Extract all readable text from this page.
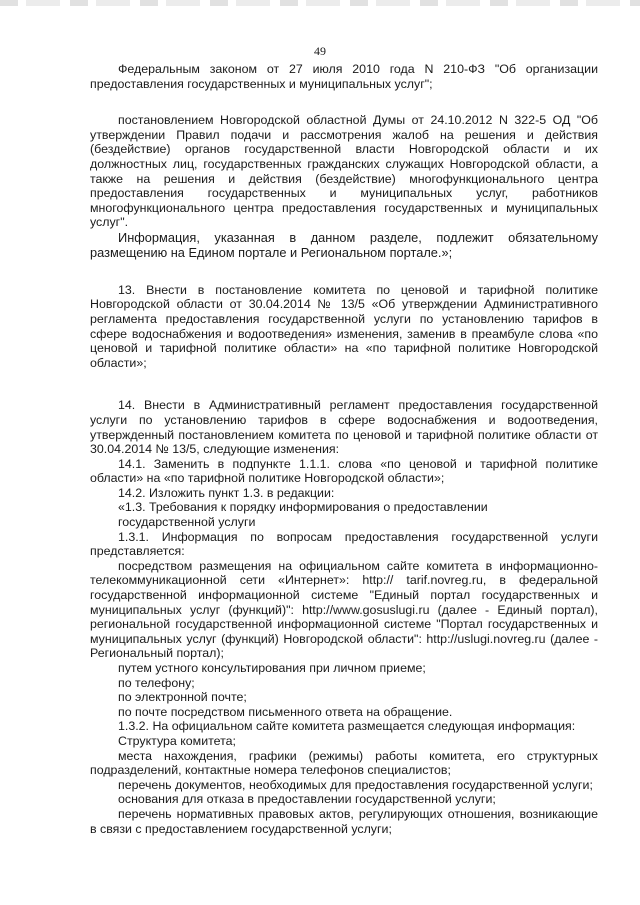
49

Федеральным законом от 27 июля 2010 года N 210-ФЗ "Об организации предоставления государственных и муниципальных услуг";

постановлением Новгородской областной Думы от 24.10.2012 N 322-5 ОД "Об утверждении Правил подачи и рассмотрения жалоб на решения и действия (бездействие) органов государственной власти Новгородской области и их должностных лиц, государственных гражданских служащих Новгородской области, а также на решения и действия (бездействие) многофункционального центра предоставления государственных и муниципальных услуг, работников многофункционального центра предоставления государственных и муниципальных услуг".

Информация, указанная в данном разделе, подлежит обязательному размещению на Едином портале и Региональном портале.»;

13. Внести в постановление комитета по ценовой и тарифной политике Новгородской области от 30.04.2014 № 13/5 «Об утверждении Административного регламента предоставления государственной услуги по установлению тарифов в сфере водоснабжения и водоотведения» изменения, заменив в преамбуле слова «по ценовой и тарифной политике области» на «по тарифной политике Новгородской области»;

14. Внести в Административный регламент предоставления государственной услуги по установлению тарифов в сфере водоснабжения и водоотведения, утвержденный постановлением комитета по ценовой и тарифной политике области от 30.04.2014 № 13/5, следующие изменения:

14.1. Заменить в подпункте 1.1.1. слова «по ценовой и тарифной политике области» на «по тарифной политике Новгородской области»;

14.2. Изложить пункт 1.3. в редакции:

«1.3. Требования к порядку информирования о предоставлении

государственной услуги

1.3.1. Информация по вопросам предоставления государственной услуги представляется:

посредством размещения на официальном сайте комитета в информационно-телекоммуникационной сети «Интернет»: http:// tarif.novreg.ru, в федеральной государственной информационной системе "Единый портал государственных и муниципальных услуг (функций)": http://www.gosuslugi.ru (далее - Единый портал), региональной государственной информационной системе "Портал государственных и муниципальных услуг (функций) Новгородской области": http://uslugi.novreg.ru (далее - Региональный портал);

путем устного консультирования при личном приеме;

по телефону;

по электронной почте;

по почте посредством письменного ответа на обращение.

1.3.2. На официальном сайте комитета размещается следующая информация:

Структура комитета;

места нахождения, графики (режимы) работы комитета, его структурных подразделений, контактные номера телефонов специалистов;

перечень документов, необходимых для предоставления государственной услуги;

основания для отказа в предоставлении государственной услуги;

перечень нормативных правовых актов, регулирующих отношения, возникающие в связи с предоставлением государственной услуги;
